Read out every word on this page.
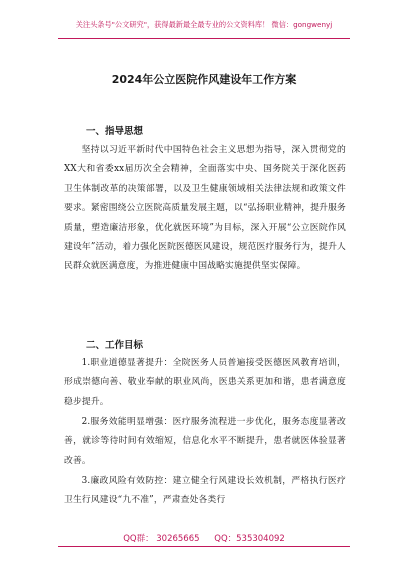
关注头条号"公文研究"，获得最新最全最专业的公文资料库！ 微信：gongwenyj
2024年公立医院作风建设年工作方案
一、指导思想

坚持以习近平新时代中国特色社会主义思想为指导，深入贯彻党的XX大和省委xx届历次全会精神，全面落实中央、国务院关于深化医药卫生体制改革的决策部署，以及卫生健康领域相关法律法规和政策文件要求。紧密围绕公立医院高质量发展主题，以“弘扬职业精神，提升服务质量，塑造廉洁形象，优化就医环境”为目标，深入开展“公立医院作风建设年”活动，着力强化医院医德医风建设，规范医疗服务行为，提升人民群众就医满意度，为推进健康中国战略实施提供坚实保障。

二、工作目标

1.职业道德显著提升：全院医务人员普遍接受医德医风教育培训，形成崇德向善、敬业奉献的职业风尚，医患关系更加和谐，患者满意度稳步提升。

2.服务效能明显增强：医疗服务流程进一步优化，服务态度显著改善，就诊等待时间有效缩短，信息化水平不断提升，患者就医体验显著改善。

3.廉政风险有效防控：建立健全行风建设长效机制，严格执行医疗卫生行风建设“九不准”，严肃查处各类行

QQ群： 30265665 QQ：535304092
